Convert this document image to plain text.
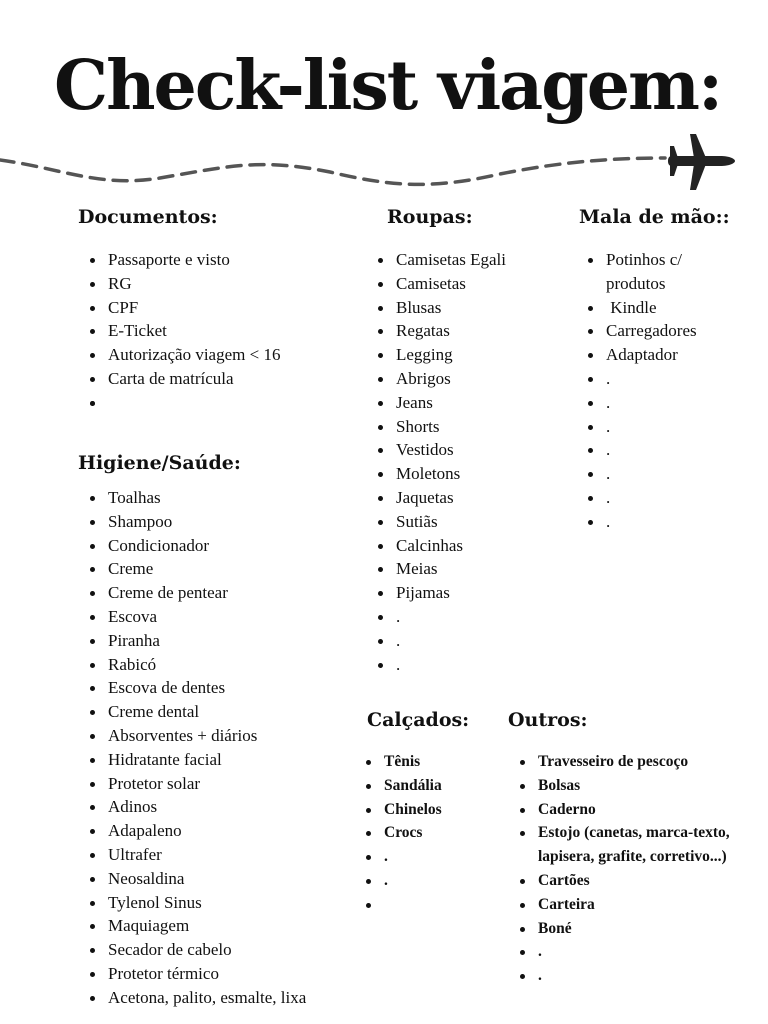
Check-list viagem:
Documentos:
Passaporte e visto
RG
CPF
E-Ticket
Autorização viagem < 16
Carta de matrícula
Higiene/Saúde:
Toalhas
Shampoo
Condicionador
Creme
Creme de pentear
Escova
Piranha
Rabicó
Escova de dentes
Creme dental
Absorventes + diários
Hidratante facial
Protetor solar
Adinos
Adapaleno
Ultrafer
Neosaldina
Tylenol Sinus
Maquiagem
Secador de cabelo
Protetor térmico
Acetona, palito, esmalte, lixa
Roupas:
Camisetas Egali
Camisetas
Blusas
Regatas
Legging
Abrigos
Jeans
Shorts
Vestidos
Moletons
Jaquetas
Sutiãs
Calcinhas
Meias
Pijamas
.
.
.
Mala de mão::
Potinhos c/ produtos
Kindle
Carregadores
Adaptador
.
.
.
.
.
.
.
Calçados:
Tênis
Sandália
Chinelos
Crocs
.
.
Outros:
Travesseiro de pescoço
Bolsas
Caderno
Estojo (canetas, marca-texto, lapisera, grafite, corretivo...)
Cartões
Carteira
Boné
.
.
